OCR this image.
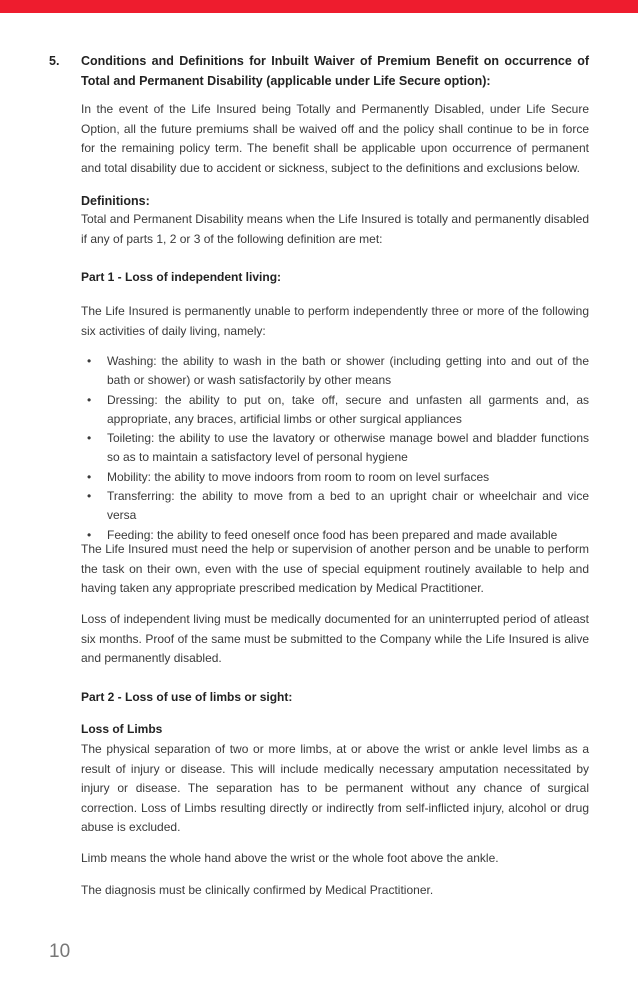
5. Conditions and Definitions for Inbuilt Waiver of Premium Benefit on occurrence of Total and Permanent Disability (applicable under Life Secure option):
In the event of the Life Insured being Totally and Permanently Disabled, under Life Secure Option, all the future premiums shall be waived off and the policy shall continue to be in force for the remaining policy term. The benefit shall be applicable upon occurrence of permanent and total disability due to accident or sickness, subject to the definitions and exclusions below.
Definitions:
Total and Permanent Disability means when the Life Insured is totally and permanently disabled if any of parts 1, 2 or 3 of the following definition are met:
Part 1 - Loss of independent living:
The Life Insured is permanently unable to perform independently three or more of the following six activities of daily living, namely:
• Washing: the ability to wash in the bath or shower (including getting into and out of the bath or shower) or wash satisfactorily by other means
• Dressing: the ability to put on, take off, secure and unfasten all garments and, as appropriate, any braces, artificial limbs or other surgical appliances
• Toileting: the ability to use the lavatory or otherwise manage bowel and bladder functions so as to maintain a satisfactory level of personal hygiene
• Mobility: the ability to move indoors from room to room on level surfaces
• Transferring: the ability to move from a bed to an upright chair or wheelchair and vice versa
• Feeding: the ability to feed oneself once food has been prepared and made available
The Life Insured must need the help or supervision of another person and be unable to perform the task on their own, even with the use of special equipment routinely available to help and having taken any appropriate prescribed medication by Medical Practitioner.
Loss of independent living must be medically documented for an uninterrupted period of atleast six months. Proof of the same must be submitted to the Company while the Life Insured is alive and permanently disabled.
Part 2 - Loss of use of limbs or sight:
Loss of Limbs
The physical separation of two or more limbs, at or above the wrist or ankle level limbs as a result of injury or disease. This will include medically necessary amputation necessitated by injury or disease. The separation has to be permanent without any chance of surgical correction. Loss of Limbs resulting directly or indirectly from self-inflicted injury, alcohol or drug abuse is excluded.
Limb means the whole hand above the wrist or the whole foot above the ankle.
The diagnosis must be clinically confirmed by Medical Practitioner.
10
